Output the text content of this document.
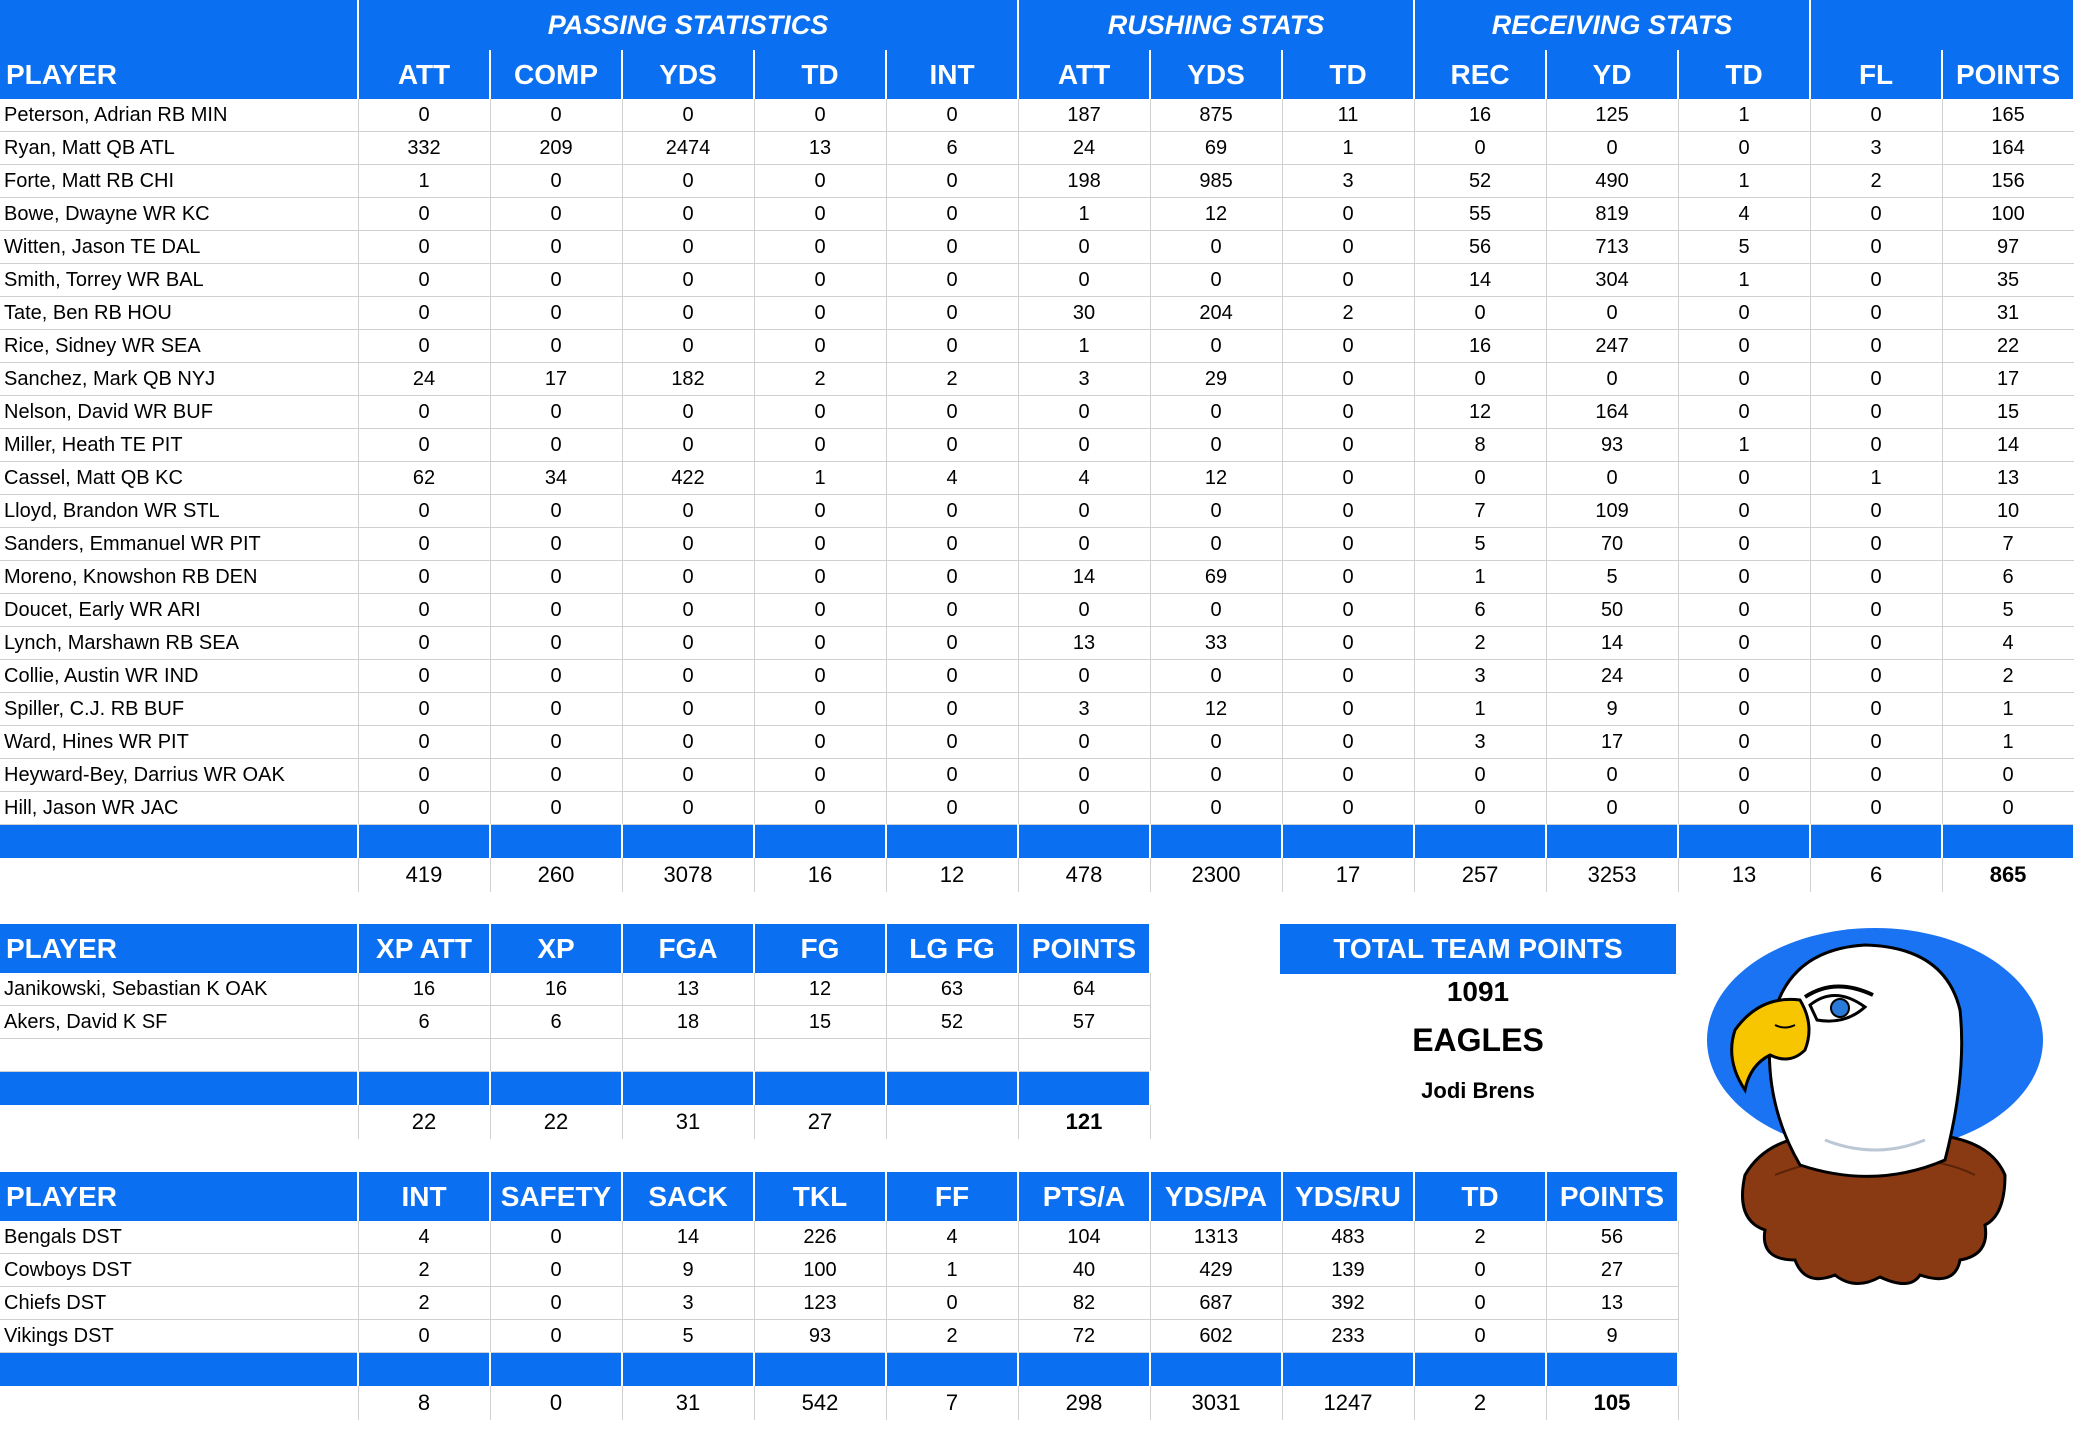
	PASSING STATISTICS					RUSHING STATS			RECEIVING STATS				
PLAYER	ATT	COMP	YDS	TD	INT	ATT	YDS	TD	REC	YD	TD	FL	POINTS
Peterson, Adrian RB MIN	0	0	0	0	0	187	875	11	16	125	1	0	165
Ryan, Matt QB ATL	332	209	2474	13	6	24	69	1	0	0	0	3	164
Forte, Matt RB CHI	1	0	0	0	0	198	985	3	52	490	1	2	156
Bowe, Dwayne WR KC	0	0	0	0	0	1	12	0	55	819	4	0	100
Witten, Jason TE DAL	0	0	0	0	0	0	0	0	56	713	5	0	97
Smith, Torrey WR BAL	0	0	0	0	0	0	0	0	14	304	1	0	35
Tate, Ben RB HOU	0	0	0	0	0	30	204	2	0	0	0	0	31
Rice, Sidney WR SEA	0	0	0	0	0	1	0	0	16	247	0	0	22
Sanchez, Mark QB NYJ	24	17	182	2	2	3	29	0	0	0	0	0	17
Nelson, David WR BUF	0	0	0	0	0	0	0	0	12	164	0	0	15
Miller, Heath TE PIT	0	0	0	0	0	0	0	0	8	93	1	0	14
Cassel, Matt QB KC	62	34	422	1	4	4	12	0	0	0	0	1	13
Lloyd, Brandon WR STL	0	0	0	0	0	0	0	0	7	109	0	0	10
Sanders, Emmanuel WR PIT	0	0	0	0	0	0	0	0	5	70	0	0	7
Moreno, Knowshon RB DEN	0	0	0	0	0	14	69	0	1	5	0	0	6
Doucet, Early WR ARI	0	0	0	0	0	0	0	0	6	50	0	0	5
Lynch, Marshawn RB SEA	0	0	0	0	0	13	33	0	2	14	0	0	4
Collie, Austin WR IND	0	0	0	0	0	0	0	0	3	24	0	0	2
Spiller, C.J. RB BUF	0	0	0	0	0	3	12	0	1	9	0	0	1
Ward, Hines WR PIT	0	0	0	0	0	0	0	0	3	17	0	0	1
Heyward-Bey, Darrius WR OAK	0	0	0	0	0	0	0	0	0	0	0	0	0
Hill, Jason WR JAC	0	0	0	0	0	0	0	0	0	0	0	0	0

	419	260	3078	16	12	478	2300	17	257	3253	13	6	865
PLAYER	XP ATT	XP	FGA	FG	LG FG	POINTS
Janikowski, Sebastian K OAK	16	16	13	12	63	64
Akers, David K SF	6	6	18	15	52	57

	22	22	31	27		121
PLAYER	INT	SAFETY	SACK	TKL	FF	PTS/A	YDS/PA	YDS/RU	TD	POINTS
Bengals DST	4	0	14	226	4	104	1313	483	2	56
Cowboys DST	2	0	9	100	1	40	429	139	0	27
Chiefs DST	2	0	3	123	0	82	687	392	0	13
Vikings DST	0	0	5	93	2	72	602	233	0	9

	8	0	31	542	7	298	3031	1247	2	105
TOTAL TEAM POINTS
1091
EAGLES
Jodi Brens
